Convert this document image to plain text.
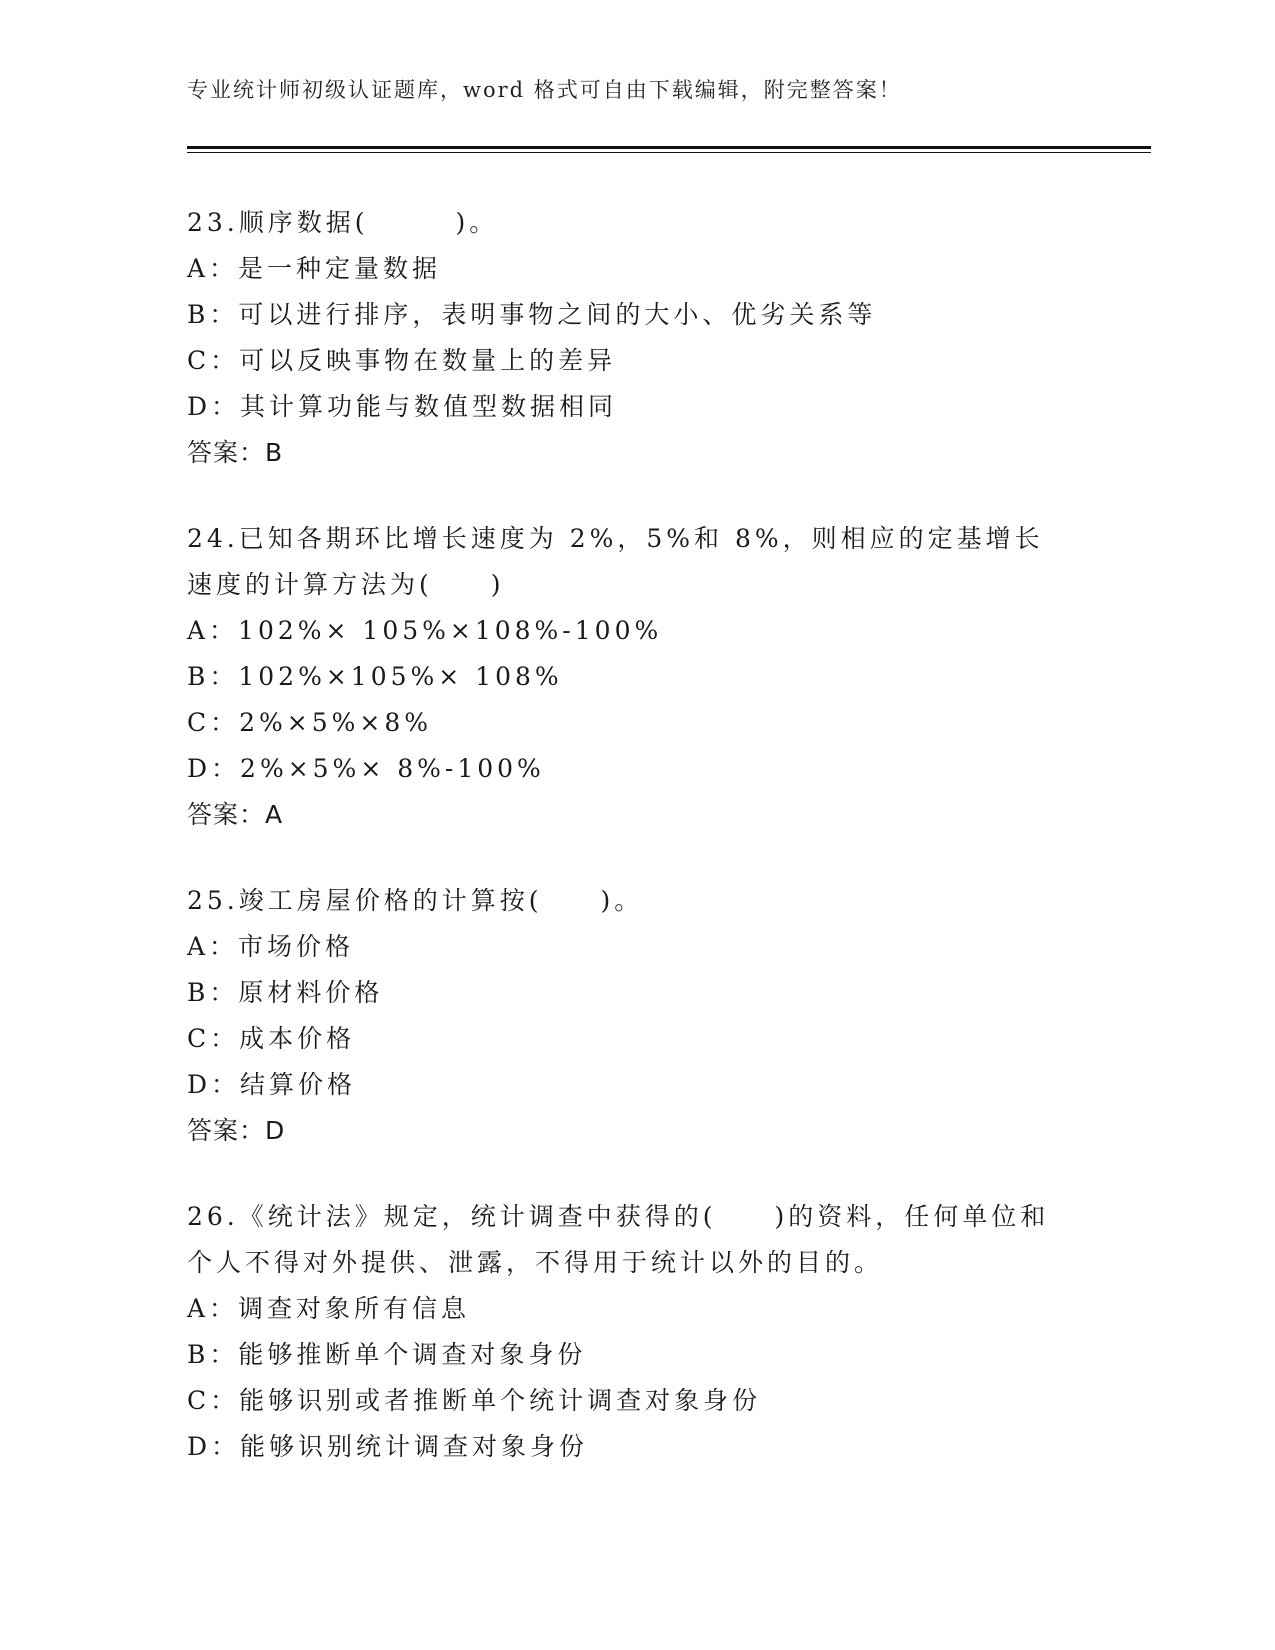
专业统计师初级认证题库，word 格式可自由下载编辑，附完整答案！

23.顺序数据(　　　)。

A：是一种定量数据

B：可以进行排序，表明事物之间的大小、优劣关系等

C：可以反映事物在数量上的差异

D：其计算功能与数值型数据相同

答案：B

24.已知各期环比增长速度为 2%，5%和 8%，则相应的定基增长速度的计算方法为(　　)

A：102%× 105%×108%-100%

B：102%×105%× 108%

C：2%×5%×8%

D：2%×5%× 8%-100%

答案：A

25.竣工房屋价格的计算按(　　)。

A：市场价格

B：原材料价格

C：成本价格

D：结算价格

答案：D

26.《统计法》规定，统计调查中获得的(　　)的资料，任何单位和个人不得对外提供、泄露，不得用于统计以外的目的。

A：调查对象所有信息

B：能够推断单个调查对象身份

C：能够识别或者推断单个统计调查对象身份

D：能够识别统计调查对象身份
